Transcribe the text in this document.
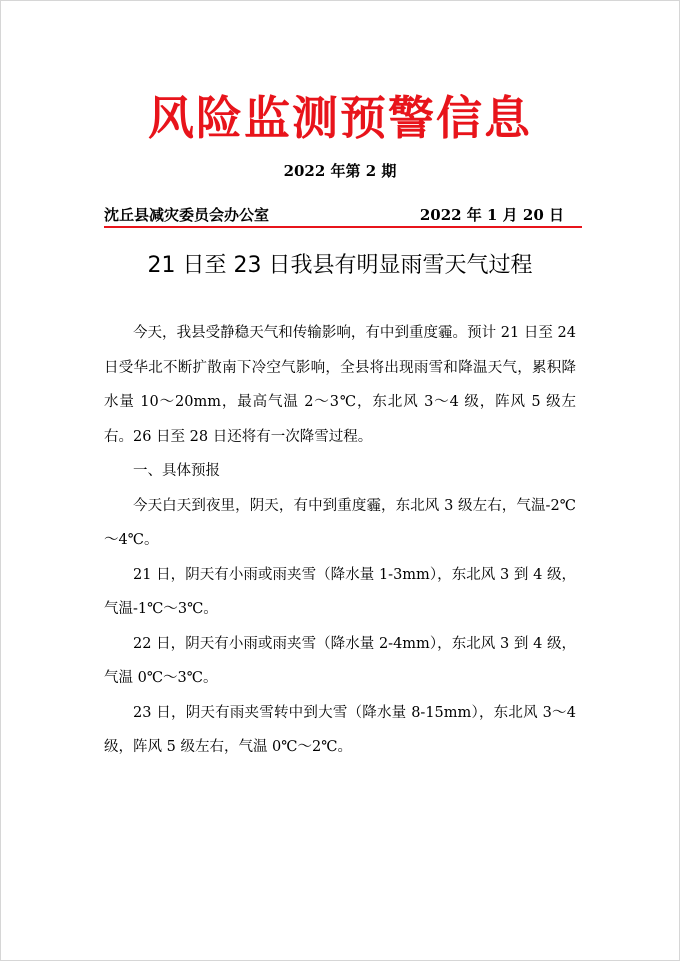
风险监测预警信息
2022 年第 2 期
沈丘县减灾委员会办公室	2022 年 1 月 20 日
21 日至 23 日我县有明显雨雪天气过程

今天，我县受静稳天气和传输影响，有中到重度霾。预计 21 日至 24 日受华北不断扩散南下冷空气影响，全县将出现雨雪和降温天气，累积降水量 10～20mm，最高气温 2～3℃，东北风 3～4 级，阵风 5 级左右。26 日至 28 日还将有一次降雪过程。

一、具体预报

今天白天到夜里，阴天，有中到重度霾，东北风 3 级左右，气温-2℃～4℃。

21 日，阴天有小雨或雨夹雪（降水量 1-3mm），东北风 3 到 4 级，气温-1℃～3℃。

22 日，阴天有小雨或雨夹雪（降水量 2-4mm），东北风 3 到 4 级，气温 0℃～3℃。

23 日，阴天有雨夹雪转中到大雪（降水量 8-15mm），东北风 3～4 级，阵风 5 级左右，气温 0℃～2℃。
